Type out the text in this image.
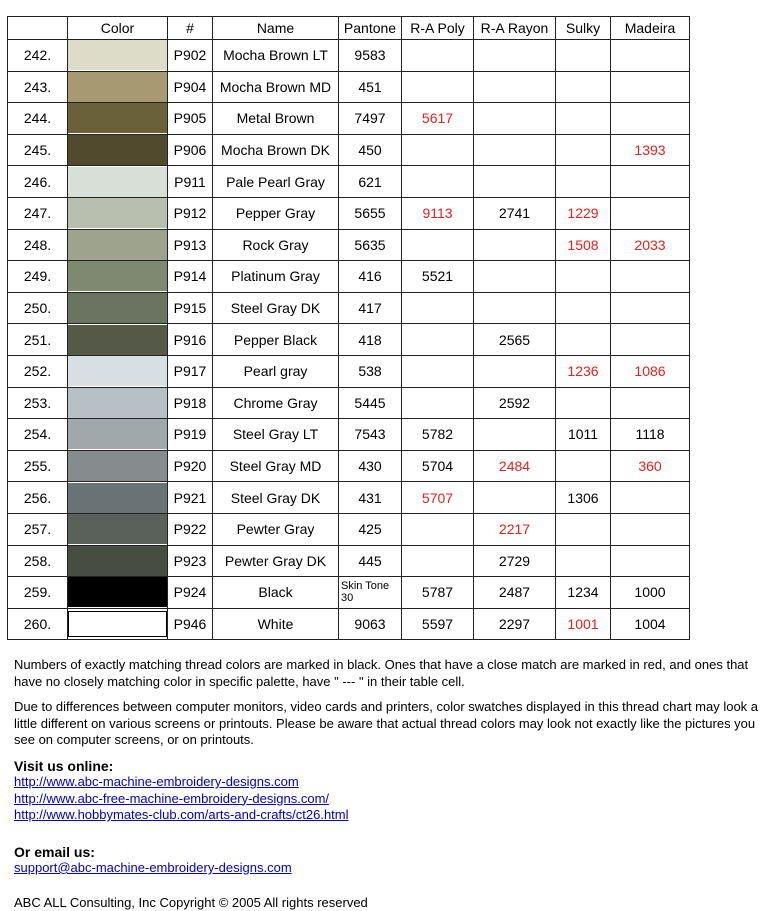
	Color	#	Name	Pantone	R-A Poly	R-A Rayon	Sulky	Madeira
242.		P902	Mocha Brown LT	9583				
243.		P904	Mocha Brown MD	451				
244.		P905	Metal Brown	7497	5617			
245.		P906	Mocha Brown DK	450				1393
246.		P911	Pale Pearl Gray	621				
247.		P912	Pepper Gray	5655	9113	2741	1229	
248.		P913	Rock Gray	5635			1508	2033
249.		P914	Platinum Gray	416	5521			
250.		P915	Steel Gray DK	417				
251.		P916	Pepper Black	418		2565		
252.		P917	Pearl gray	538			1236	1086
253.		P918	Chrome Gray	5445		2592		
254.		P919	Steel Gray LT	7543	5782		1011	1118
255.		P920	Steel Gray MD	430	5704	2484		360
256.		P921	Steel Gray DK	431	5707		1306	
257.		P922	Pewter Gray	425		2217		
258.		P923	Pewter Gray DK	445		2729		
259.		P924	Black	Skin Tone 30	5787	2487	1234	1000
260.		P946	White	9063	5597	2297	1001	1004

Numbers of exactly matching thread colors are marked in black. Ones that have a close match are marked in red, and ones that have no closely matching color in specific palette, have " --- " in their table cell.

Due to differences between computer monitors, video cards and printers, color swatches displayed in this thread chart may look a little different on various screens or printouts. Please be aware that actual thread colors may look not exactly like the pictures you see on computer screens, or on printouts.

Visit us online:
http://www.abc-machine-embroidery-designs.com
http://www.abc-free-machine-embroidery-designs.com/
http://www.hobbymates-club.com/arts-and-crafts/ct26.html
Or email us:
support@abc-machine-embroidery-designs.com
ABC ALL Consulting, Inc Copyright © 2005 All rights reserved
